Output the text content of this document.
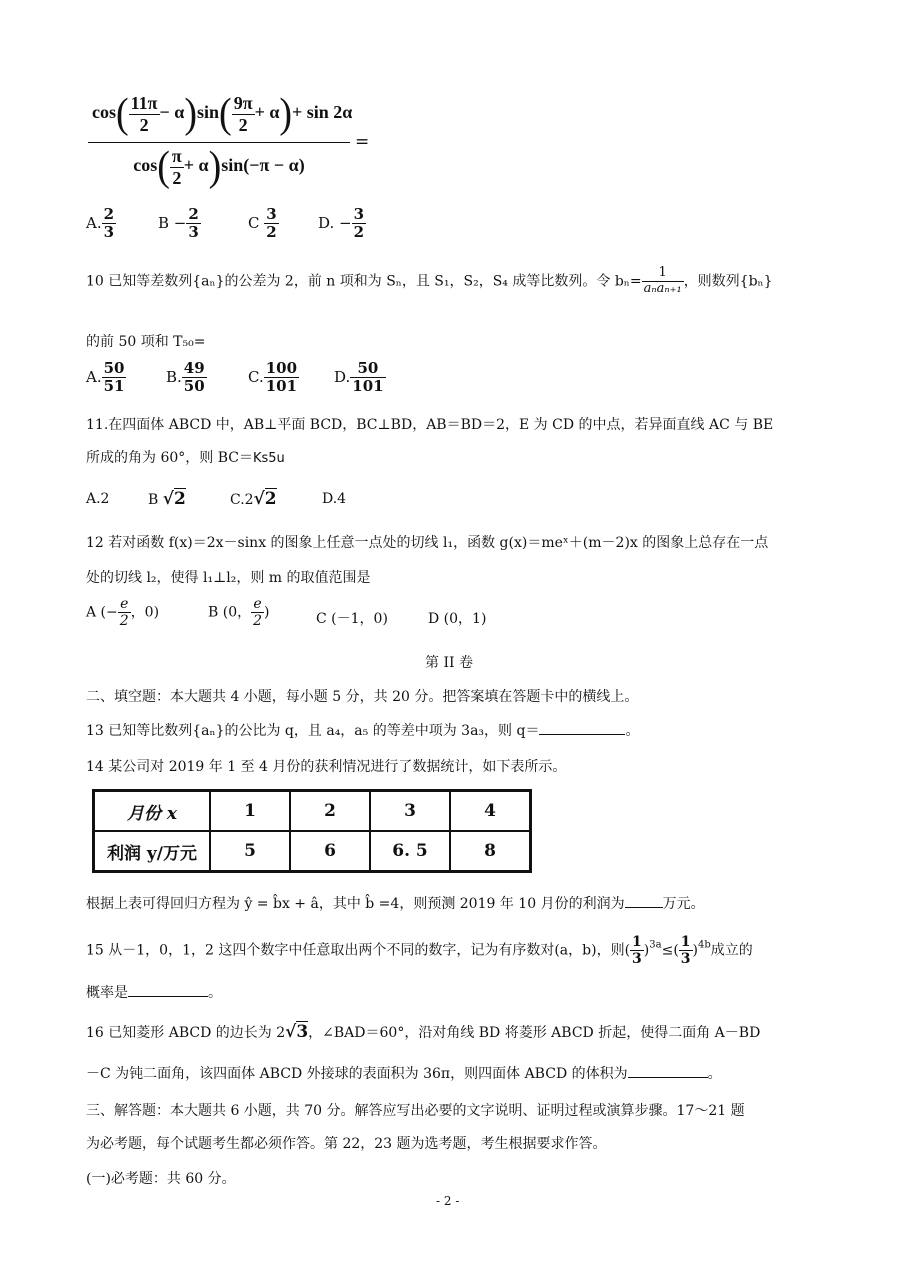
$\cos( \frac{11\pi}{2} - \alpha)\sin( \frac{9\pi}{2} + \alpha)+ \sin 2\alpha$
$\cos( \frac{\pi}{2} + \alpha)\sin(-\pi - \alpha)$
=
A. $\frac{2}{3}$	$B - \frac{2}{3}$	C $\frac{3}{2}$	D. − $\frac{3}{2}$
10 已知等差数列{aₙ}的公差为 2，前 n 项和为 Sₙ，且 S₁，S₂，S₄ 成等比数列。令 $b_n= \frac{1}{\text{aₙaₙ₊₁}}$ ，则数列{bₙ}
的前 50 项和 T₅₀=
A. $\frac{50}{51}$	B. $\frac{49}{50}$	C. $\frac{100}{101} D$. $\frac{50}{101}$
11.在四面体 ABCD 中，AB⊥平面 BCD，BC⊥BD，AB＝BD＝2，E 为 CD 的中点，若异面直线 AC 与 BE
所成的角为 60°，则 BC＝Ks5u
A.2	B √2	C.2√2	D.4
12 若对函数 f(x)＝2x－sinx 的图象上任意一点处的切线 l₁，函数 g(x)＝meˣ＋(m－2)x 的图象上总存在一点
处的切线 l₂，使得 l₁⊥l₂，则 m 的取值范围是
A (− $\frac{e}{2}$ ，0)	B (0， $\frac{e}{2}$ )	C (－1，0)	D (0，1)
第 II 卷
二、填空题：本大题共 4 小题，每小题 5 分，共 20 分。把答案填在答题卡中的横线上。
13 已知等比数列{aₙ}的公比为 q，且 a₄，a₅ 的等差中项为 3a₃，则 q＝	。
14 某公司对 2019 年 1 至 4 月份的获利情况进行了数据统计，如下表所示。
月份 x	1	2	3	4
利润 y/万元	5	6	6. 5	8
根据上表可得回归方程为 ŷ = b̂x + â，其中 b̂ =4，则预测 2019 年 10 月份的利润为	万元。
15 从－1，0，1，2 这四个数字中任意取出两个不同的数字，记为有序数对(a，b)，则( $\frac{1}{3} )^{3a}\le( \frac{1}{3} )^{4b}$成立的
概率是	。
16 已知菱形 ABCD 的边长为 2√3，∠BAD＝60°，沿对角线 BD 将菱形 ABCD 折起，使得二面角 A－BD
－C 为钝二面角，该四面体 ABCD 外接球的表面积为 36π，则四面体 ABCD 的体积为	。
三、解答题：本大题共 6 小题，共 70 分。解答应写出必要的文字说明、证明过程或演算步骤。17～21 题
为必考题，每个试题考生都必须作答。第 22，23 题为选考题，考生根据要求作答。
(一)必考题：共 60 分。
- 2 -
